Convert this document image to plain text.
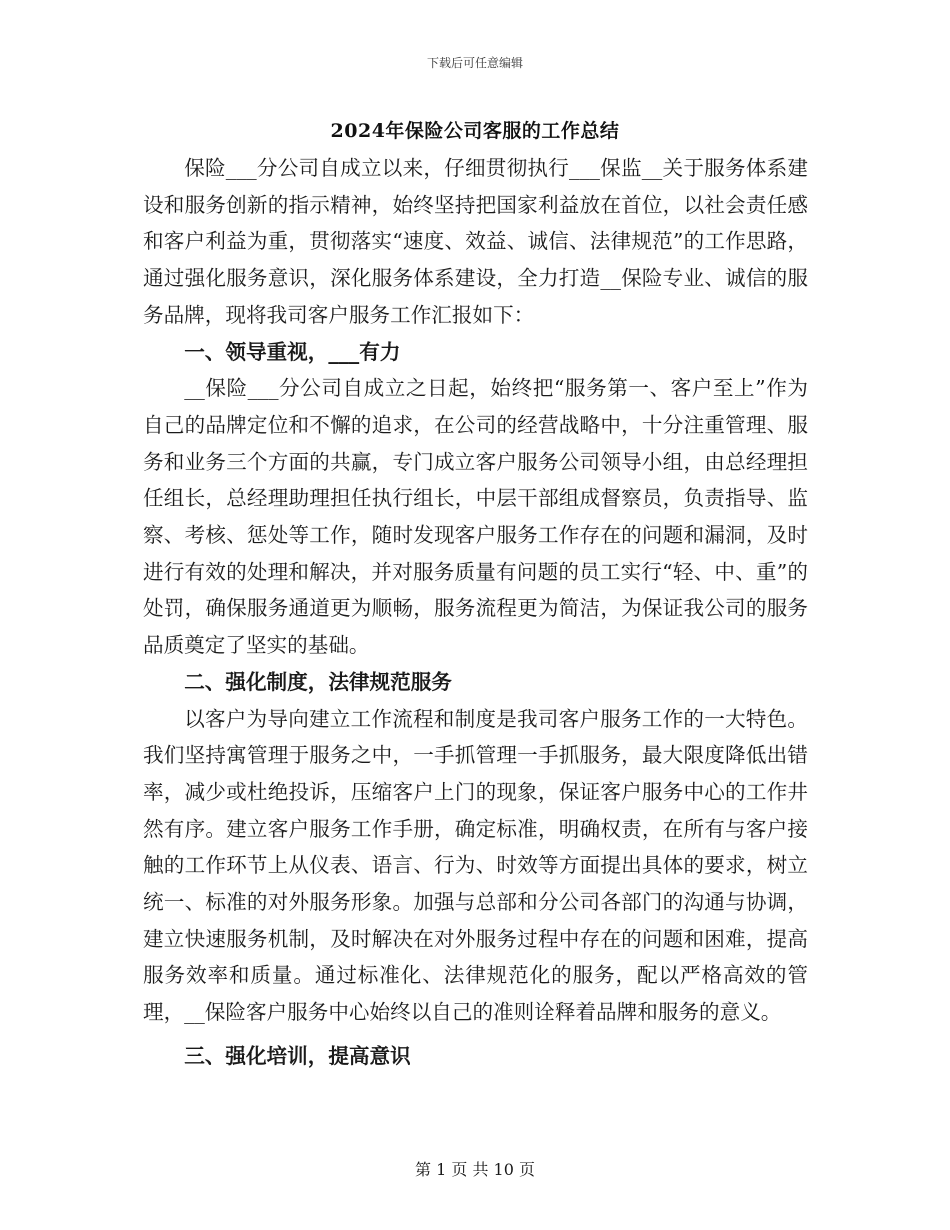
下载后可任意编辑
2024年保险公司客服的工作总结

保险___分公司自成立以来，仔细贯彻执行___保监__关于服务体系建设和服务创新的指示精神，始终坚持把国家利益放在首位，以社会责任感和客户利益为重，贯彻落实“速度、效益、诚信、法律规范”的工作思路，通过强化服务意识，深化服务体系建设，全力打造__保险专业、诚信的服务品牌，现将我司客户服务工作汇报如下：

一、领导重视，___有力

__保险___分公司自成立之日起，始终把“服务第一、客户至上”作为自己的品牌定位和不懈的追求，在公司的经营战略中，十分注重管理、服务和业务三个方面的共赢，专门成立客户服务公司领导小组，由总经理担任组长，总经理助理担任执行组长，中层干部组成督察员，负责指导、监察、考核、惩处等工作，随时发现客户服务工作存在的问题和漏洞，及时进行有效的处理和解决，并对服务质量有问题的员工实行“轻、中、重”的处罚，确保服务通道更为顺畅，服务流程更为简洁，为保证我公司的服务品质奠定了坚实的基础。

二、强化制度，法律规范服务

以客户为导向建立工作流程和制度是我司客户服务工作的一大特色。我们坚持寓管理于服务之中，一手抓管理一手抓服务，最大限度降低出错率，减少或杜绝投诉，压缩客户上门的现象，保证客户服务中心的工作井然有序。建立客户服务工作手册，确定标准，明确权责，在所有与客户接触的工作环节上从仪表、语言、行为、时效等方面提出具体的要求，树立统一、标准的对外服务形象。加强与总部和分公司各部门的沟通与协调，建立快速服务机制，及时解决在对外服务过程中存在的问题和困难，提高服务效率和质量。通过标准化、法律规范化的服务，配以严格高效的管理，__保险客户服务中心始终以自己的准则诠释着品牌和服务的意义。

三、强化培训，提高意识
第 1 页 共 10 页
